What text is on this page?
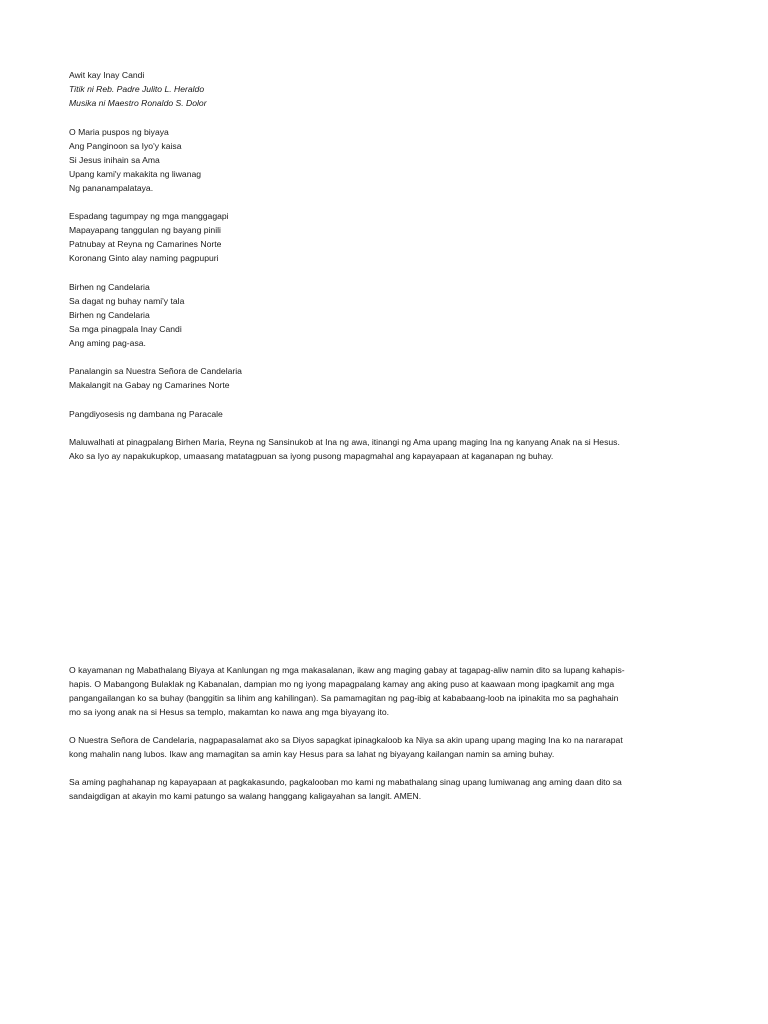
Awit kay Inay Candi

Titik ni Reb. Padre Julito L. Heraldo

Musika ni Maestro Ronaldo S. Dolor

O Maria puspos ng biyaya

Ang Panginoon sa Iyo'y kaisa

Si Jesus inihain sa Ama

Upang kami'y makakita ng liwanag

Ng pananampalataya.

Espadang tagumpay ng mga manggagapi

Mapayapang tanggulan ng bayang pinili

Patnubay at Reyna ng Camarines Norte

Koronang Ginto alay naming pagpupuri

Birhen ng Candelaria

Sa dagat ng buhay nami'y tala

Birhen ng Candelaria

Sa mga pinagpala Inay Candi

Ang aming pag-asa.

Panalangin sa Nuestra Señora de Candelaria

Makalangit na Gabay ng Camarines Norte

Pangdiyosesis ng dambana ng Paracale

Maluwalhati at pinagpalang Birhen Maria, Reyna ng Sansinukob at Ina ng awa, itinangi ng Ama upang maging Ina ng kanyang Anak na si Hesus.
Ako sa Iyo ay napakukupkop, umaasang matatagpuan sa iyong pusong mapagmahal ang kapayapaan at kaganapan ng buhay.
O kayamanan ng Mabathalang Biyaya at Kanlungan ng mga makasalanan, ikaw ang maging gabay at tagapag-aliw namin dito sa lupang kahapis-
hapis. O Mabangong Bulaklak ng Kabanalan, dampian mo ng iyong mapagpalang kamay ang aking puso at kaawaan mong ipagkamit ang mga
pangangailangan ko sa buhay (banggitin sa lihim ang kahilingan). Sa pamamagitan ng pag-ibig at kababaang-loob na ipinakita mo sa paghahain
mo sa iyong anak na si Hesus sa templo, makamtan ko nawa ang mga biyayang ito.
O Nuestra Señora de Candelaria, nagpapasalamat ako sa Diyos sapagkat ipinagkaloob ka Niya sa akin upang upang maging Ina ko na nararapat
kong mahalin nang lubos. Ikaw ang mamagitan sa amin kay Hesus para sa lahat ng biyayang kailangan namin sa aming buhay.
Sa aming paghahanap ng kapayapaan at pagkakasundo, pagkalooban mo kami ng mabathalang sinag upang lumiwanag ang aming daan dito sa
sandaigdigan at akayin mo kami patungo sa walang hanggang kaligayahan sa langit. AMEN.
